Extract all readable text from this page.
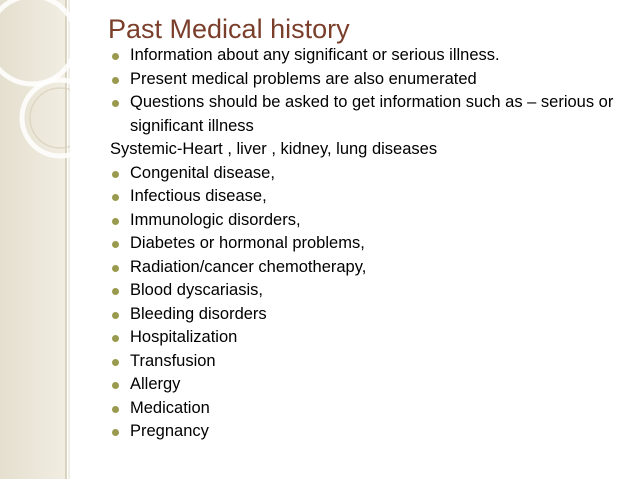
Past Medical history
Information about any significant or serious illness.
Present medical problems are also enumerated
Questions should be asked to get information such as – serious or significant illness
Systemic-Heart , liver , kidney, lung diseases
Congenital disease,
Infectious disease,
Immunologic disorders,
Diabetes or hormonal problems,
Radiation/cancer chemotherapy,
Blood dyscariasis,
Bleeding disorders
Hospitalization
Transfusion
Allergy
Medication
Pregnancy
